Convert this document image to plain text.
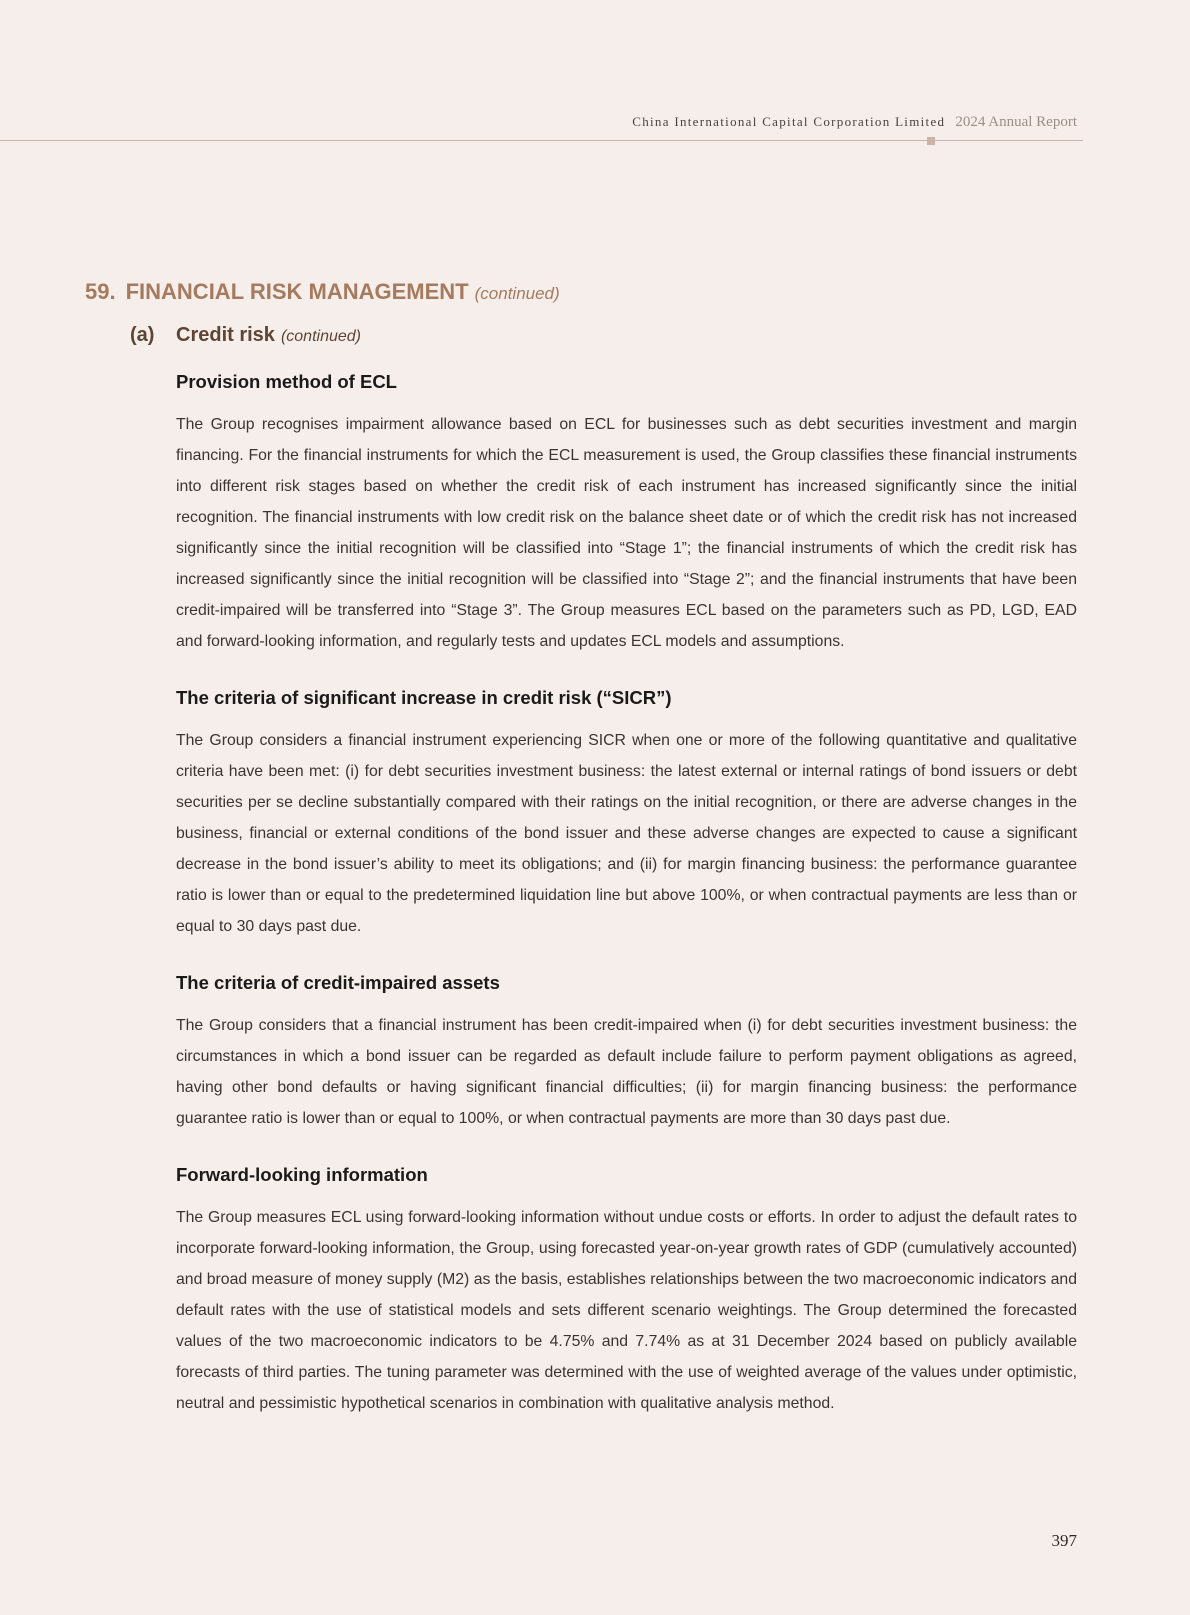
China International Capital Corporation Limited 2024 Annual Report
59. FINANCIAL RISK MANAGEMENT (continued)
(a) Credit risk (continued)
Provision method of ECL

The Group recognises impairment allowance based on ECL for businesses such as debt securities investment and margin financing. For the financial instruments for which the ECL measurement is used, the Group classifies these financial instruments into different risk stages based on whether the credit risk of each instrument has increased significantly since the initial recognition. The financial instruments with low credit risk on the balance sheet date or of which the credit risk has not increased significantly since the initial recognition will be classified into “Stage 1”; the financial instruments of which the credit risk has increased significantly since the initial recognition will be classified into “Stage 2”; and the financial instruments that have been credit-impaired will be transferred into “Stage 3”. The Group measures ECL based on the parameters such as PD, LGD, EAD and forward-looking information, and regularly tests and updates ECL models and assumptions.

The criteria of significant increase in credit risk (“SICR”)

The Group considers a financial instrument experiencing SICR when one or more of the following quantitative and qualitative criteria have been met: (i) for debt securities investment business: the latest external or internal ratings of bond issuers or debt securities per se decline substantially compared with their ratings on the initial recognition, or there are adverse changes in the business, financial or external conditions of the bond issuer and these adverse changes are expected to cause a significant decrease in the bond issuer’s ability to meet its obligations; and (ii) for margin financing business: the performance guarantee ratio is lower than or equal to the predetermined liquidation line but above 100%, or when contractual payments are less than or equal to 30 days past due.

The criteria of credit-impaired assets

The Group considers that a financial instrument has been credit-impaired when (i) for debt securities investment business: the circumstances in which a bond issuer can be regarded as default include failure to perform payment obligations as agreed, having other bond defaults or having significant financial difficulties; (ii) for margin financing business: the performance guarantee ratio is lower than or equal to 100%, or when contractual payments are more than 30 days past due.

Forward-looking information

The Group measures ECL using forward-looking information without undue costs or efforts. In order to adjust the default rates to incorporate forward-looking information, the Group, using forecasted year-on-year growth rates of GDP (cumulatively accounted) and broad measure of money supply (M2) as the basis, establishes relationships between the two macroeconomic indicators and default rates with the use of statistical models and sets different scenario weightings. The Group determined the forecasted values of the two macroeconomic indicators to be 4.75% and 7.74% as at 31 December 2024 based on publicly available forecasts of third parties. The tuning parameter was determined with the use of weighted average of the values under optimistic, neutral and pessimistic hypothetical scenarios in combination with qualitative analysis method.

397
